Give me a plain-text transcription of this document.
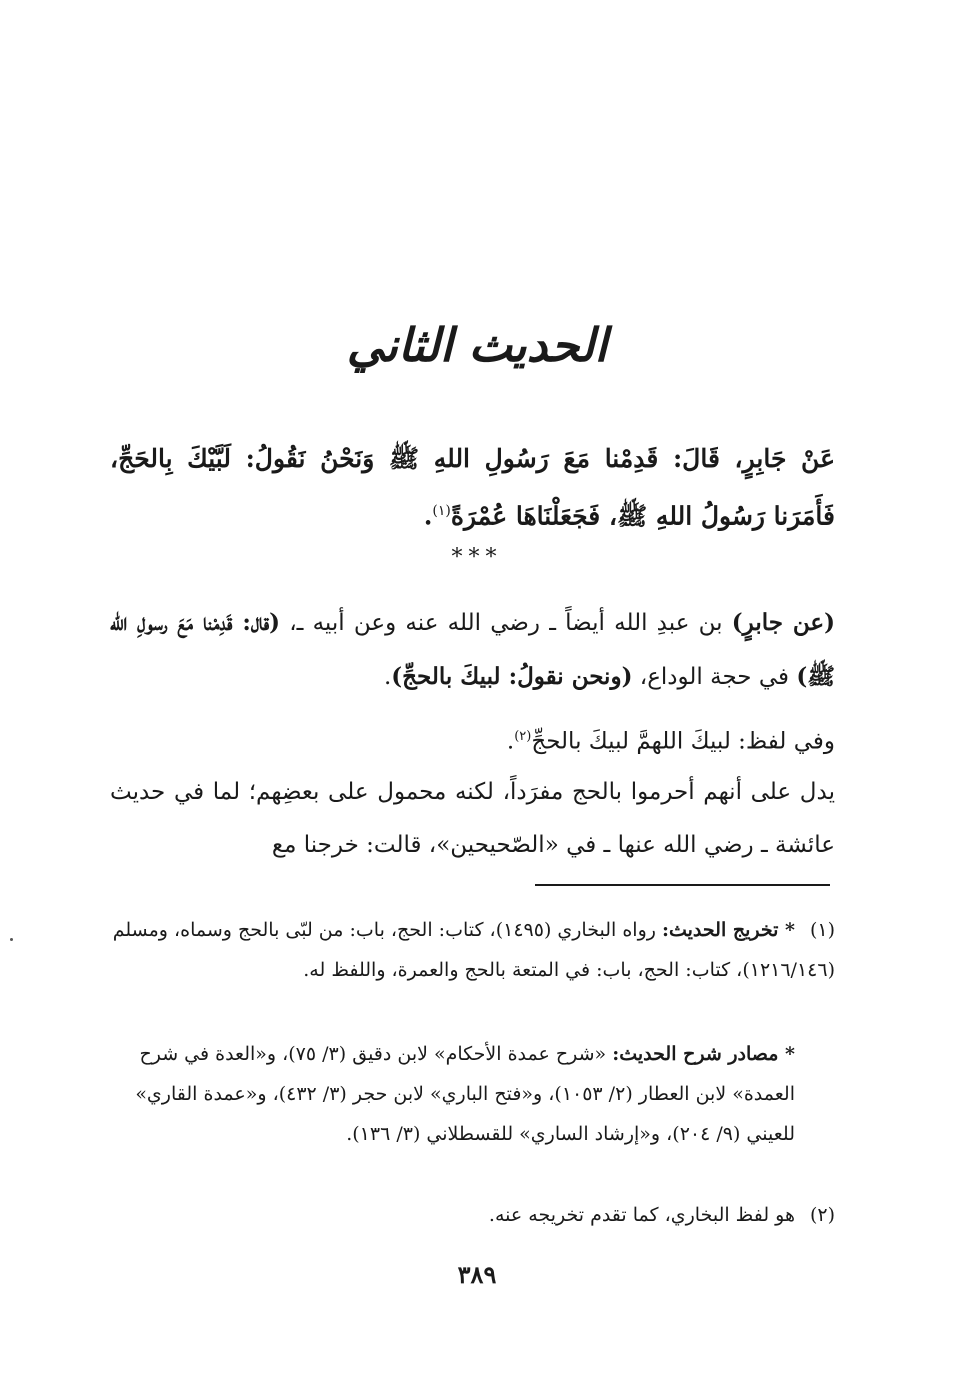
الحديث الثاني
عَنْ جَابِرٍ، قَالَ: قَدِمْنا مَعَ رَسُولِ اللهِ ﷺ وَنَحْنُ نَقُولُ: لَبَّيْكَ بِالحَجِّ، فَأَمَرَنا رَسُولُ اللهِ ﷺ، فَجَعَلْنَاهَا عُمْرَةً$^{(١)}$.
***
(عن جابرٍ) بن عبدِ الله أيضاً ـ رضي الله عنه وعن أبيه ـ، (قال: قَدِمْنا مَعَ رسولِ الله ﷺ) في حجة الوداع، (ونحن نقولُ: لبيكَ بالحجِّ).
وفي لفظ: لبيكَ اللهمَّ لبيكَ بالحجِّ$^{(٢)}$.
يدل على أنهم أحرموا بالحج مفرَداً، لكنه محمول على بعضِهم؛ لما في حديث عائشة ـ رضي الله عنها ـ في «الصّحيحين»، قالت: خرجنا مع
(١)* تخريج الحديث: رواه البخاري (١٤٩٥)، كتاب: الحج، باب: من لبّى بالحج وسماه، ومسلم (١٢١٦/١٤٦)، كتاب: الحج، باب: في المتعة بالحج والعمرة، واللفظ له.
* مصادر شرح الحديث: «شرح عمدة الأحكام» لابن دقيق (٣/ ٧٥)، و«العدة في شرح العمدة» لابن العطار (٢/ ١٠٥٣)، و«فتح الباري» لابن حجر (٣/ ٤٣٢)، و«عمدة القاري» للعيني (٩/ ٢٠٤)، و«إرشاد الساري» للقسطلاني (٣/ ١٣٦).
(٢)هو لفظ البخاري، كما تقدم تخريجه عنه.
٣٨٩
